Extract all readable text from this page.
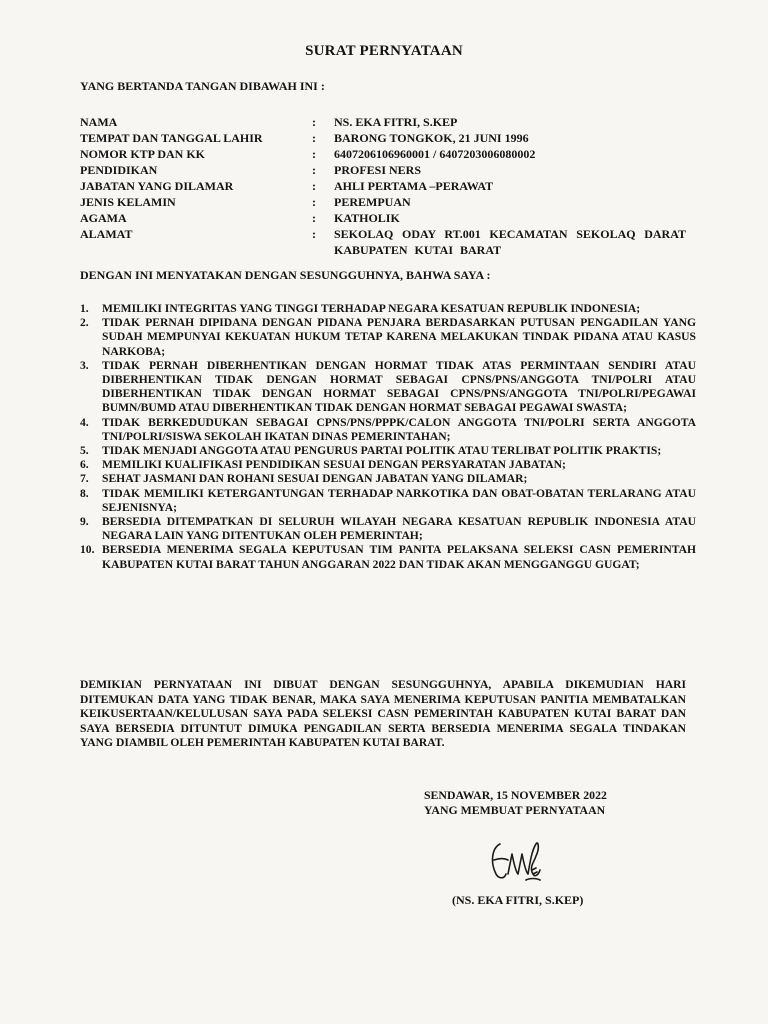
SURAT PERNYATAAN
YANG BERTANDA TANGAN DIBAWAH INI :
NAMA	:	NS. EKA FITRI, S.KEP
TEMPAT DAN TANGGAL LAHIR	:	BARONG TONGKOK, 21 JUNI 1996
NOMOR KTP DAN KK	:	6407206106960001 / 6407203006080002
PENDIDIKAN	:	PROFESI NERS
JABATAN YANG DILAMAR	:	AHLI PERTAMA –PERAWAT
JENIS KELAMIN	:	PEREMPUAN
AGAMA	:	KATHOLIK
ALAMAT	:	SEKOLAQ ODAY RT.001 KECAMATAN SEKOLAQ DARAT KABUPATEN KUTAI BARAT
DENGAN INI MENYATAKAN DENGAN SESUNGGUHNYA, BAHWA SAYA :
1.	MEMILIKI INTEGRITAS YANG TINGGI TERHADAP NEGARA KESATUAN REPUBLIK INDONESIA;
2.	TIDAK PERNAH DIPIDANA DENGAN PIDANA PENJARA BERDASARKAN PUTUSAN PENGADILAN YANG SUDAH MEMPUNYAI KEKUATAN HUKUM TETAP KARENA MELAKUKAN TINDAK PIDANA ATAU KASUS NARKOBA;
3.	TIDAK PERNAH DIBERHENTIKAN DENGAN HORMAT TIDAK ATAS PERMINTAAN SENDIRI ATAU DIBERHENTIKAN TIDAK DENGAN HORMAT SEBAGAI CPNS/PNS/ANGGOTA TNI/POLRI ATAU DIBERHENTIKAN TIDAK DENGAN HORMAT SEBAGAI CPNS/PNS/ANGGOTA TNI/POLRI/PEGAWAI BUMN/BUMD ATAU DIBERHENTIKAN TIDAK DENGAN HORMAT SEBAGAI PEGAWAI SWASTA;
4.	TIDAK BERKEDUDUKAN SEBAGAI CPNS/PNS/PPPK/CALON ANGGOTA TNI/POLRI SERTA ANGGOTA TNI/POLRI/SISWA SEKOLAH IKATAN DINAS PEMERINTAHAN;
5.	TIDAK MENJADI ANGGOTA ATAU PENGURUS PARTAI POLITIK ATAU TERLIBAT POLITIK PRAKTIS;
6.	MEMILIKI KUALIFIKASI PENDIDIKAN SESUAI DENGAN PERSYARATAN JABATAN;
7.	SEHAT JASMANI DAN ROHANI SESUAI DENGAN JABATAN YANG DILAMAR;
8.	TIDAK MEMILIKI KETERGANTUNGAN TERHADAP NARKOTIKA DAN OBAT-OBATAN TERLARANG ATAU SEJENISNYA;
9.	BERSEDIA DITEMPATKAN DI SELURUH WILAYAH NEGARA KESATUAN REPUBLIK INDONESIA ATAU NEGARA LAIN YANG DITENTUKAN OLEH PEMERINTAH;
10. BERSEDIA MENERIMA SEGALA KEPUTUSAN TIM PANITA PELAKSANA SELEKSI CASN PEMERINTAH KABUPATEN KUTAI BARAT TAHUN ANGGARAN 2022 DAN TIDAK AKAN MENGGANGGU GUGAT;
DEMIKIAN PERNYATAAN INI DIBUAT DENGAN SESUNGGUHNYA, APABILA DIKEMUDIAN HARI DITEMUKAN DATA YANG TIDAK BENAR, MAKA SAYA MENERIMA KEPUTUSAN PANITIA MEMBATALKAN KEIKUSERTAAN/KELULUSAN SAYA PADA SELEKSI CASN PEMERINTAH KABUPATEN KUTAI BARAT DAN SAYA BERSEDIA DITUNTUT DIMUKA PENGADILAN SERTA BERSEDIA MENERIMA SEGALA TINDAKAN YANG DIAMBIL OLEH PEMERINTAH KABUPATEN KUTAI BARAT.
SENDAWAR, 15 NOVEMBER 2022
YANG MEMBUAT PERNYATAAN
(NS. EKA FITRI, S.KEP)
